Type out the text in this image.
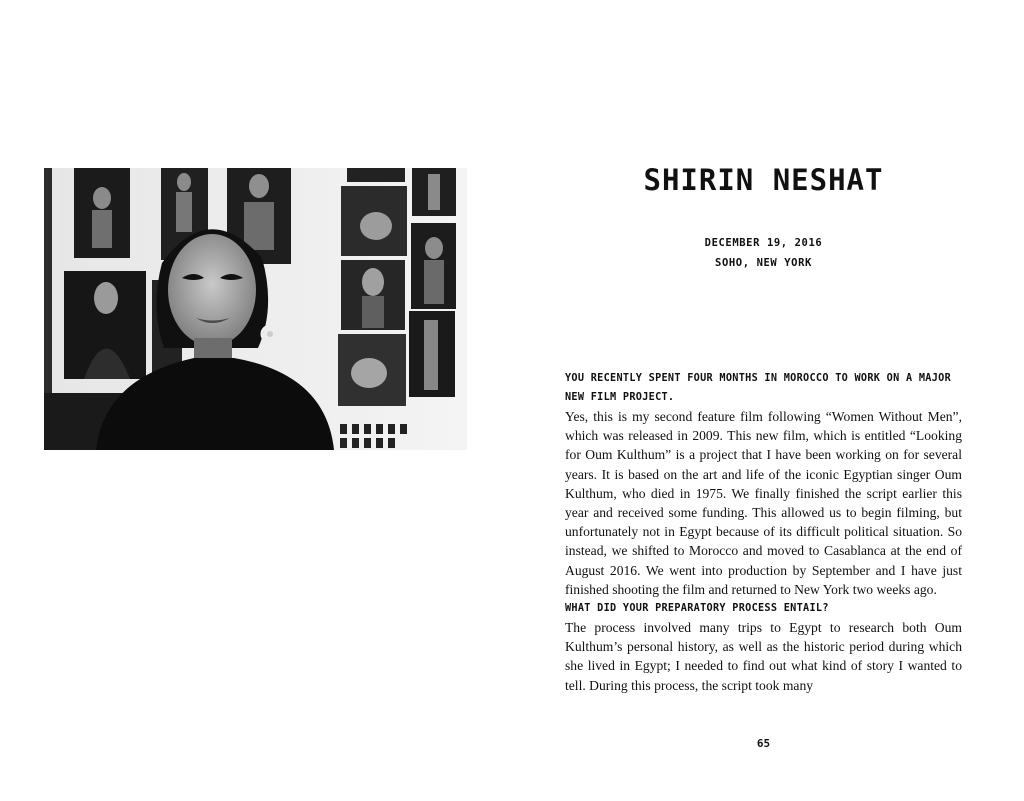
SHIRIN NESHAT
DECEMBER 19, 2016
SOHO, NEW YORK

YOU RECENTLY SPENT FOUR MONTHS IN MOROCCO TO WORK ON A MAJOR NEW FILM PROJECT.

Yes, this is my second feature film following “Women Without Men”, which was released in 2009. This new film, which is entitled “Looking for Oum Kulthum” is a project that I have been working on for several years. It is based on the art and life of the iconic Egyptian singer Oum Kulthum, who died in 1975. We finally finished the script earlier this year and received some funding. This allowed us to begin filming, but unfortunately not in Egypt because of its difficult political situation. So instead, we shifted to Morocco and moved to Casablanca at the end of August 2016. We went into production by September and I have just finished shooting the film and returned to New York two weeks ago.

WHAT DID YOUR PREPARATORY PROCESS ENTAIL?

The process involved many trips to Egypt to research both Oum Kulthum’s personal history, as well as the historic period during which she lived in Egypt; I needed to find out what kind of story I wanted to tell. During this process, the script took many

65
